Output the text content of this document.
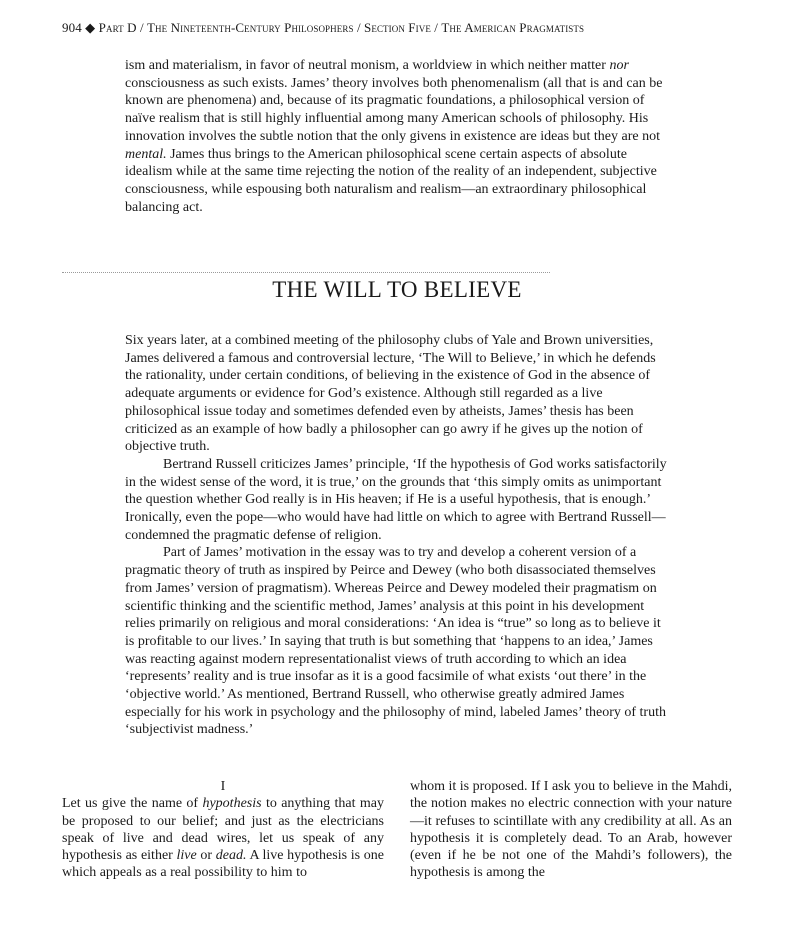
904 ◆ Part D / The Nineteenth-Century Philosophers / Section Five / The American Pragmatists

ism and materialism, in favor of neutral monism, a worldview in which neither matter nor consciousness as such exists. James’ theory involves both phenomenalism (all that is and can be known are phenomena) and, because of its pragmatic foundations, a philosophical version of naïve realism that is still highly influential among many American schools of philosophy. His innovation involves the subtle notion that the only givens in existence are ideas but they are not mental. James thus brings to the American philosophical scene certain aspects of absolute idealism while at the same time rejecting the notion of the reality of an independent, subjective consciousness, while espousing both naturalism and realism—an extraordinary philosophical balancing act.

THE WILL TO BELIEVE

Six years later, at a combined meeting of the philosophy clubs of Yale and Brown universities, James delivered a famous and controversial lecture, ‘The Will to Believe,’ in which he defends the rationality, under certain conditions, of believing in the existence of God in the absence of adequate arguments or evidence for God’s existence. Although still regarded as a live philosophical issue today and sometimes defended even by atheists, James’ thesis has been criticized as an example of how badly a philosopher can go awry if he gives up the notion of objective truth.

Bertrand Russell criticizes James’ principle, ‘If the hypothesis of God works satisfactorily in the widest sense of the word, it is true,’ on the grounds that ‘this simply omits as unimportant the question whether God really is in His heaven; if He is a useful hypothesis, that is enough.’ Ironically, even the pope—who would have had little on which to agree with Bertrand Russell—condemned the pragmatic defense of religion.

Part of James’ motivation in the essay was to try and develop a coherent version of a pragmatic theory of truth as inspired by Peirce and Dewey (who both disassociated themselves from James’ version of pragmatism). Whereas Peirce and Dewey modeled their pragmatism on scientific thinking and the scientific method, James’ analysis at this point in his development relies primarily on religious and moral considerations: ‘An idea is “true” so long as to believe it is profitable to our lives.’ In saying that truth is but something that ‘happens to an idea,’ James was reacting against modern representationalist views of truth according to which an idea ‘represents’ reality and is true insofar as it is a good facsimile of what exists ‘out there’ in the ‘objective world.’ As mentioned, Bertrand Russell, who otherwise greatly admired James especially for his work in psychology and the philosophy of mind, labeled James’ theory of truth ‘subjectivist madness.’

I

Let us give the name of hypothesis to anything that may be proposed to our belief; and just as the electricians speak of live and dead wires, let us speak of any hypothesis as either live or dead. A live hypothesis is one which appeals as a real possibility to him to

whom it is proposed. If I ask you to believe in the Mahdi, the notion makes no electric connection with your nature—it refuses to scintillate with any credibility at all. As an hypothesis it is completely dead. To an Arab, however (even if he be not one of the Mahdi’s followers), the hypothesis is among the
